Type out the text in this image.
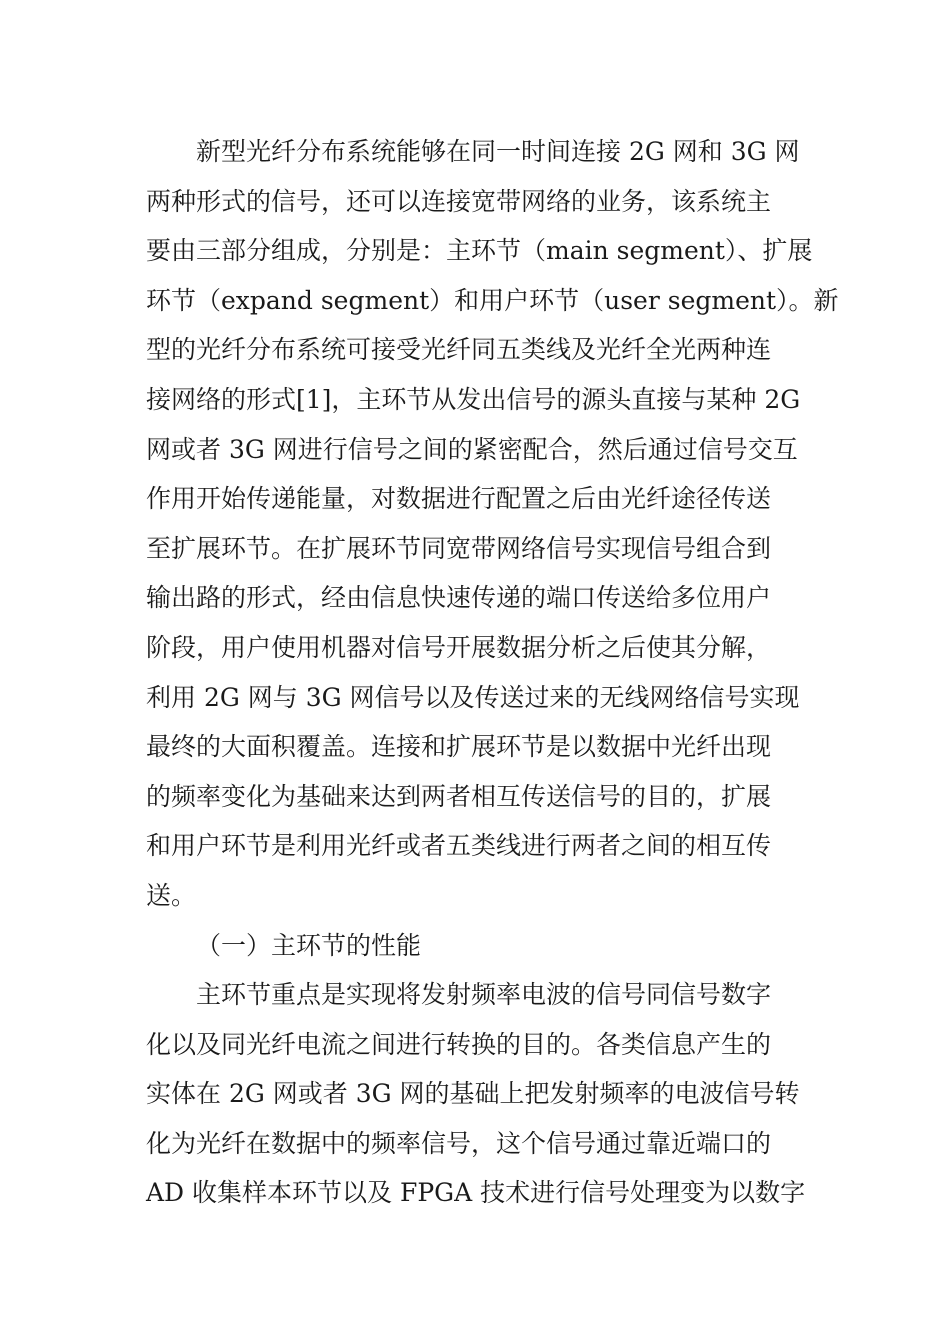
新型光纤分布系统能够在同一时间连接 2G 网和 3G 网
两种形式的信号，还可以连接宽带网络的业务，该系统主
要由三部分组成，分别是：主环节（main segment）、扩展
环节（expand segment）和用户环节（user segment）。新
型的光纤分布系统可接受光纤同五类线及光纤全光两种连
接网络的形式[1]，主环节从发出信号的源头直接与某种 2G
网或者 3G 网进行信号之间的紧密配合，然后通过信号交互
作用开始传递能量，对数据进行配置之后由光纤途径传送
至扩展环节。在扩展环节同宽带网络信号实现信号组合到
输出路的形式，经由信息快速传递的端口传送给多位用户
阶段，用户使用机器对信号开展数据分析之后使其分解，
利用 2G 网与 3G 网信号以及传送过来的无线网络信号实现
最终的大面积覆盖。连接和扩展环节是以数据中光纤出现
的频率变化为基础来达到两者相互传送信号的目的，扩展
和用户环节是利用光纤或者五类线进行两者之间的相互传
送。
（一）主环节的性能
主环节重点是实现将发射频率电波的信号同信号数字
化以及同光纤电流之间进行转换的目的。各类信息产生的
实体在 2G 网或者 3G 网的基础上把发射频率的电波信号转
化为光纤在数据中的频率信号，这个信号通过靠近端口的
AD 收集样本环节以及 FPGA 技术进行信号处理变为以数字
